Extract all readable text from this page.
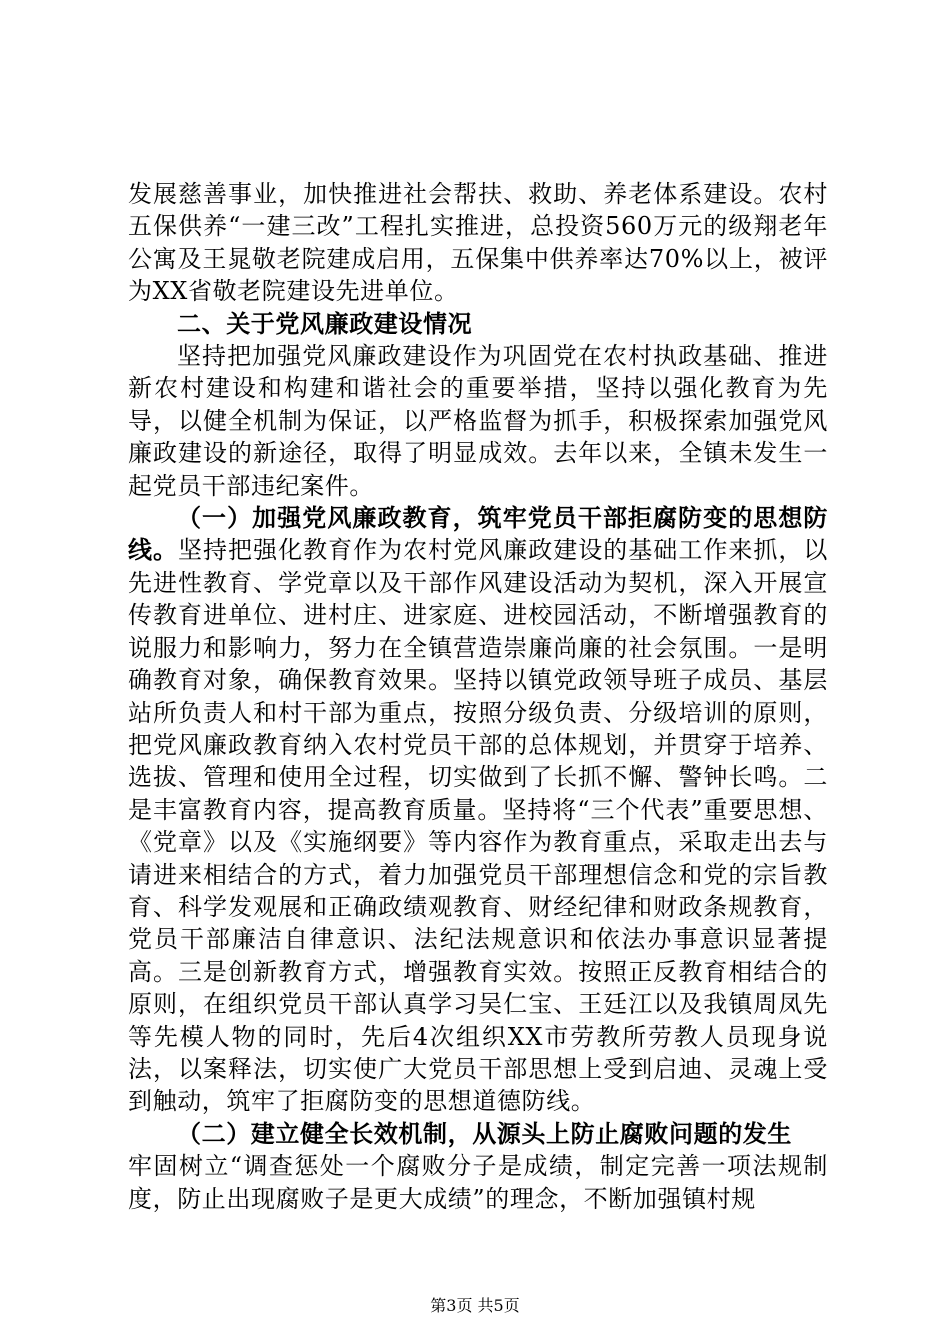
发展慈善事业，加快推进社会帮扶、救助、养老体系建设。农村五保供养“一建三改”工程扎实推进，总投资560万元的级翔老年公寓及王晁敬老院建成启用，五保集中供养率达70%以上，被评为XX省敬老院建设先进单位。

二、关于党风廉政建设情况

坚持把加强党风廉政建设作为巩固党在农村执政基础、推进新农村建设和构建和谐社会的重要举措，坚持以强化教育为先导，以健全机制为保证，以严格监督为抓手，积极探索加强党风廉政建设的新途径，取得了明显成效。去年以来，全镇未发生一起党员干部违纪案件。

（一）加强党风廉政教育，筑牢党员干部拒腐防变的思想防线。坚持把强化教育作为农村党风廉政建设的基础工作来抓，以先进性教育、学党章以及干部作风建设活动为契机，深入开展宣传教育进单位、进村庄、进家庭、进校园活动，不断增强教育的说服力和影响力，努力在全镇营造崇廉尚廉的社会氛围。一是明确教育对象，确保教育效果。坚持以镇党政领导班子成员、基层站所负责人和村干部为重点，按照分级负责、分级培训的原则，把党风廉政教育纳入农村党员干部的总体规划，并贯穿于培养、选拔、管理和使用全过程，切实做到了长抓不懈、警钟长鸣。二是丰富教育内容，提高教育质量。坚持将“三个代表”重要思想、《党章》以及《实施纲要》等内容作为教育重点，采取走出去与请进来相结合的方式，着力加强党员干部理想信念和党的宗旨教育、科学发观展和正确政绩观教育、财经纪律和财政条规教育，党员干部廉洁自律意识、法纪法规意识和依法办事意识显著提高。三是创新教育方式，增强教育实效。按照正反教育相结合的原则，在组织党员干部认真学习吴仁宝、王廷江以及我镇周凤先等先模人物的同时，先后4次组织XX市劳教所劳教人员现身说法，以案释法，切实使广大党员干部思想上受到启迪、灵魂上受到触动，筑牢了拒腐防变的思想道德防线。

（二）建立健全长效机制，从源头上防止腐败问题的发生

牢固树立“调查惩处一个腐败分子是成绩，制定完善一项法规制度，防止出现腐败子是更大成绩”的理念，不断加强镇村规

第3页 共5页
